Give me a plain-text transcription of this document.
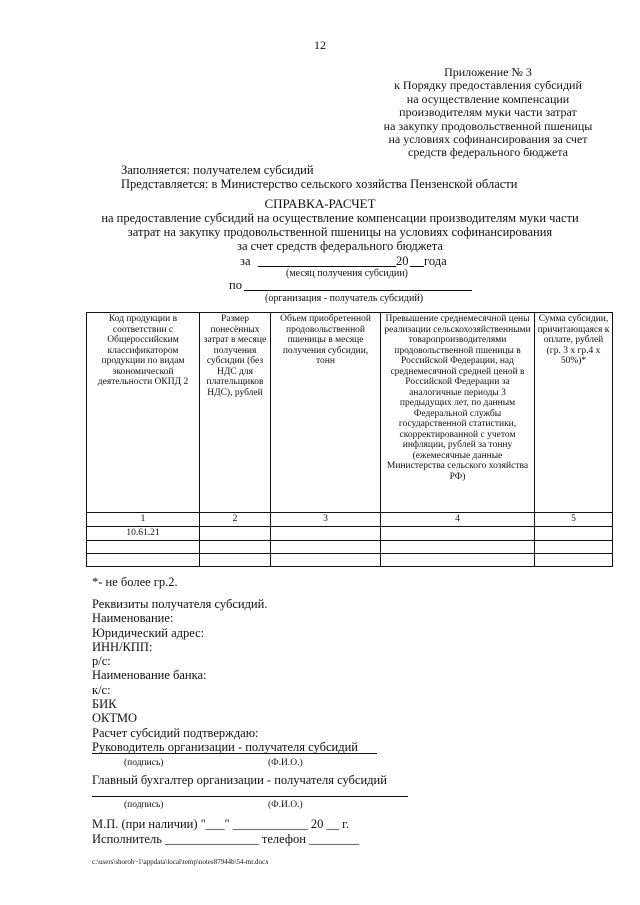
12
Приложение № 3
к Порядку предоставления субсидий
на осуществление компенсации
производителям муки части затрат
на закупку продовольственной пшеницы
на условиях софинансирования за счет
средств федерального бюджета
Заполняется: получателем субсидий
Представляется: в Министерство сельского хозяйства Пензенской области
СПРАВКА-РАСЧЕТ
на предоставление субсидий на осуществление компенсации производителям муки части
затрат на закупку продовольственной пшеницы на условиях софинансирования
за счет средств федерального бюджета
за	20 года
(месяц получения субсидии)
по
(организация - получатель субсидий)
Код продукции в соответствии с Общероссийским классификатором продукции по видам экономической деятельности ОКПД 2	Размер понесённых затрат в месяце получения субсидии (без НДС для плательщиков НДС), рублей	Объем приобретенной продовольственной пшеницы в месяце получения субсидии, тонн	Превышение среднемесячной цены реализации сельскохозяйственными товаропроизводителями продовольственной пшеницы в Российской Федерации, над среднемесячной средней ценой в Российской Федерации за аналогичные периоды 3 предыдущих лет, по данным Федеральной службы государственной статистики, скорректированной с учетом инфляции, рублей за тонну (ежемесячные данные Министерства сельского хозяйства РФ)	Сумма субсидии, причитающаяся к оплате, рублей (гр. 3 х гр.4 х 50%)*
1	2	3	4	5
10.61.21				

*- не более гр.2.
Реквизиты получателя субсидий.
Наименование:
Юридический адрес:
ИНН/КПП:
р/с:
Наименование банка:
к/с:
БИК
ОКТМО
Расчет субсидий подтверждаю:
Руководитель организации - получателя субсидий
(подпись)	(Ф.И.О.)
Главный бухгалтер организации - получателя субсидий
(подпись)	(Ф.И.О.)
М.П. (при наличии) "___" ____________ 20 __ г.
Исполнитель _______________ телефон ________
c:\users\shoroh~1\appdata\local\temp\notes87944b\54-mr.docx
